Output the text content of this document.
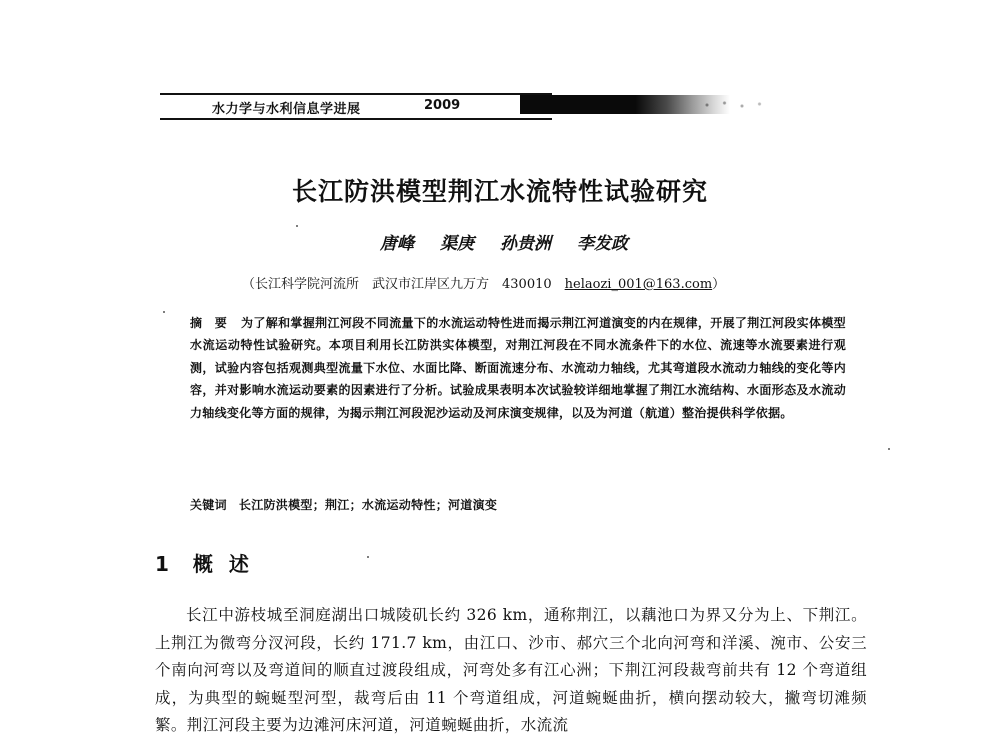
水力学与水利信息学进展	2009
长江防洪模型荆江水流特性试验研究
唐峰 渠庚 孙贵洲 李发政
（长江科学院河流所　武汉市江岸区九万方　430010　helaozi_001@163.com）
摘　要 为了解和掌握荆江河段不同流量下的水流运动特性进而揭示荆江河道演变的内在规律，开展了荆江河段实体模型水流运动特性试验研究。本项目利用长江防洪实体模型，对荆江河段在不同水流条件下的水位、流速等水流要素进行观测，试验内容包括观测典型流量下水位、水面比降、断面流速分布、水流动力轴线，尤其弯道段水流动力轴线的变化等内容，并对影响水流运动要素的因素进行了分析。试验成果表明本次试验较详细地掌握了荆江水流结构、水面形态及水流动力轴线变化等方面的规律，为揭示荆江河段泥沙运动及河床演变规律，以及为河道（航道）整治提供科学依据。
关键词 长江防洪模型；荆江；水流运动特性；河道演变
1 概述
长江中游枝城至洞庭湖出口城陵矶长约 326 km，通称荆江，以藕池口为界又分为上、下荆江。上荆江为微弯分汊河段，长约 171.7 km，由江口、沙市、郝穴三个北向河弯和洋溪、涴市、公安三个南向河弯以及弯道间的顺直过渡段组成，河弯处多有江心洲；下荆江河段裁弯前共有 12 个弯道组成，为典型的蜿蜒型河型，裁弯后由 11 个弯道组成，河道蜿蜒曲折，横向摆动较大，撇弯切滩频繁。荆江河段主要为边滩河床河道，河道蜿蜒曲折，水流流
